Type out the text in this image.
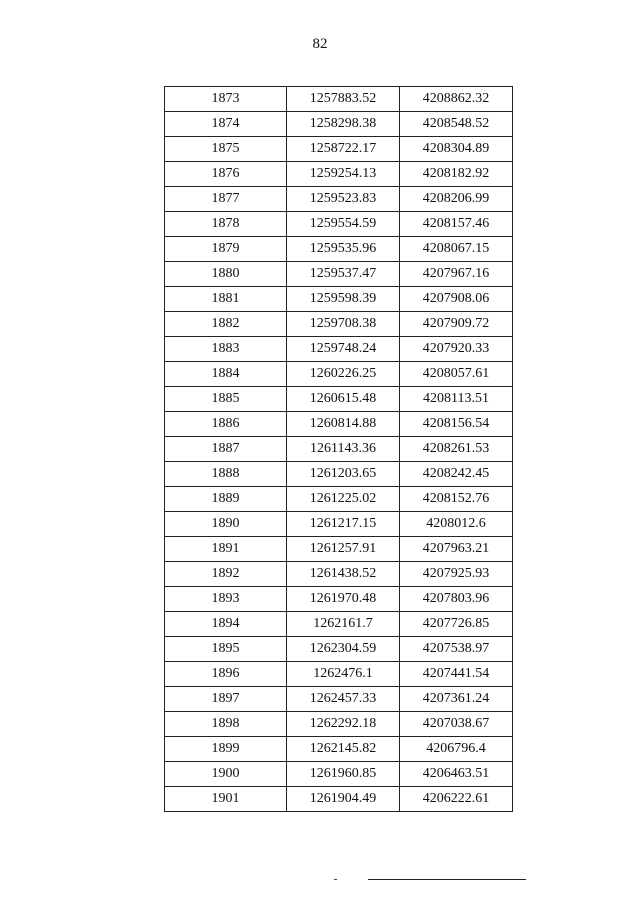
82
1873	1257883.52	4208862.32
1874	1258298.38	4208548.52
1875	1258722.17	4208304.89
1876	1259254.13	4208182.92
1877	1259523.83	4208206.99
1878	1259554.59	4208157.46
1879	1259535.96	4208067.15
1880	1259537.47	4207967.16
1881	1259598.39	4207908.06
1882	1259708.38	4207909.72
1883	1259748.24	4207920.33
1884	1260226.25	4208057.61
1885	1260615.48	4208113.51
1886	1260814.88	4208156.54
1887	1261143.36	4208261.53
1888	1261203.65	4208242.45
1889	1261225.02	4208152.76
1890	1261217.15	4208012.6
1891	1261257.91	4207963.21
1892	1261438.52	4207925.93
1893	1261970.48	4207803.96
1894	1262161.7	4207726.85
1895	1262304.59	4207538.97
1896	1262476.1	4207441.54
1897	1262457.33	4207361.24
1898	1262292.18	4207038.67
1899	1262145.82	4206796.4
1900	1261960.85	4206463.51
1901	1261904.49	4206222.61
